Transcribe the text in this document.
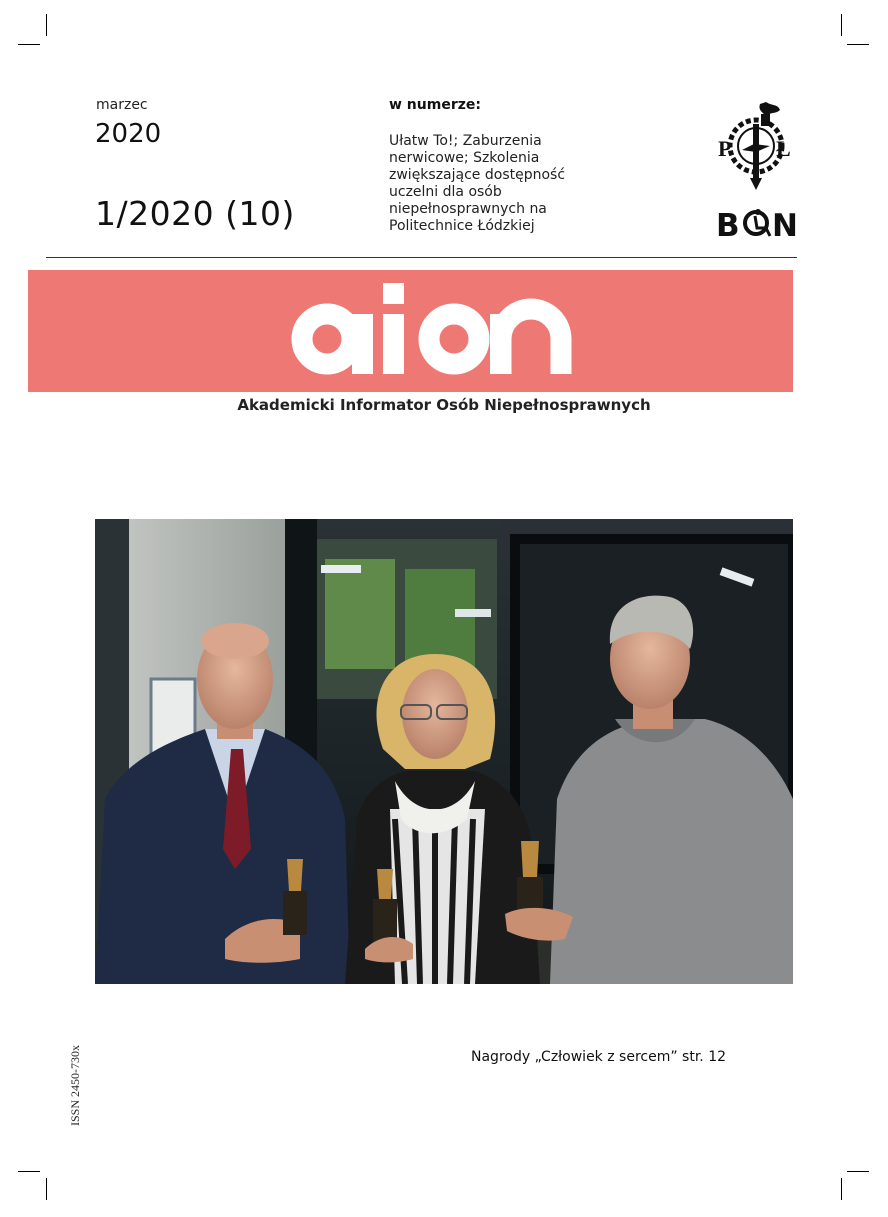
marzec
2020
1/2020 (10)
w numerze:
Ułatw To!; Zaburzenia nerwicowe; Szkolenia zwiększające dostępność uczelni dla osób niepełnosprawnych na Politechnice Łódzkiej
P Ł
B N
Akademicki Informator Osób Niepełnosprawnych
Nagrody „Człowiek z sercem” str. 12
ISSN 2450-730x
